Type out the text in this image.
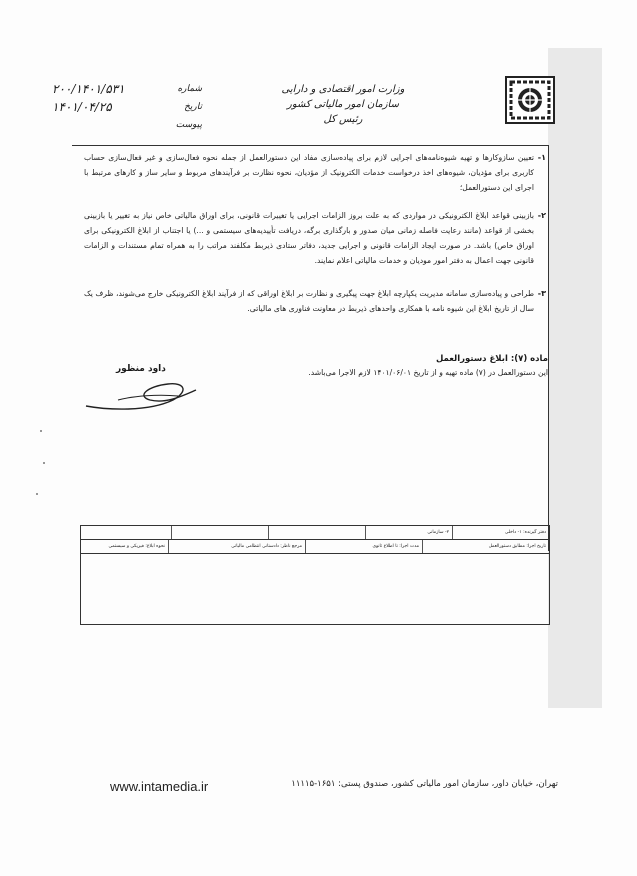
وزارت امور اقتصادی و دارایی
سازمان امور مالیاتی کشور
رئیس کل
شماره
۲۰۰/۱۴۰۱/۵۳۱
تاریخ
۱۴۰۱/۰۴/۲۵
پیوست
۱-
تعیین سازوکارها و تهیه شیوه‌نامه‌های اجرایی لازم برای پیاده‌سازی مفاد این دستورالعمل از جمله نحوه فعال‌سازی و غیر فعال‌سازی حساب کاربری برای مؤدیان، شیوه‌های اخذ درخواست خدمات الکترونیک از مؤدیان، نحوه نظارت بر فرآیندهای مربوط و سایر ساز و کارهای مرتبط با اجرای این دستورالعمل؛
۲-
بازبینی قواعد ابلاغ الکترونیکی در مواردی که به علت بروز الزامات اجرایی یا تغییرات قانونی، برای اوراق مالیاتی خاص نیاز به تغییر یا بازبینی بخشی از قواعد (مانند رعایت فاصله زمانی میان صدور و بارگذاری برگه، دریافت تأییدیه‌های سیستمی و ...) یا اجتناب از ابلاغ الکترونیکی برای اوراق خاص) باشد. در صورت ایجاد الزامات قانونی و اجرایی جدید، دفاتر ستادی ذیربط مکلفند مراتب را به همراه تمام مستندات و الزامات قانونی جهت اعمال به دفتر امور مودیان و خدمات مالیاتی اعلام نمایند.
۳-
طراحی و پیاده‌سازی سامانه مدیریت یکپارچه ابلاغ جهت پیگیری و نظارت بر ابلاغ اوراقی که از فرآیند ابلاغ الکترونیکی خارج می‌شوند، ظرف یک سال از تاریخ ابلاغ این شیوه نامه با همکاری واحدهای ذیربط در معاونت فناوری های مالیاتی.
ماده (۷): ابلاغ دستورالعمل
این دستورالعمل در (۷) ماده تهیه و از تاریخ ۱۴۰۱/۰۶/۰۱ لازم الاجرا می‌باشد.
داود منظور
دفتر گیرنده: ۱- داخلی
۲- سازمانی
تاریخ اجرا: مطابق دستورالعمل
مدت اجرا: تا اطلاع ثانوی
مرجع ناظر: دادستانی انتظامی مالیاتی
نحوه ابلاغ: فیزیکی و سیستمی
www.intamedia.ir	تهران، خیابان داور، سازمان امور مالیاتی کشور، صندوق پستی: ۱۶۵۱-۱۱۱۱۵
